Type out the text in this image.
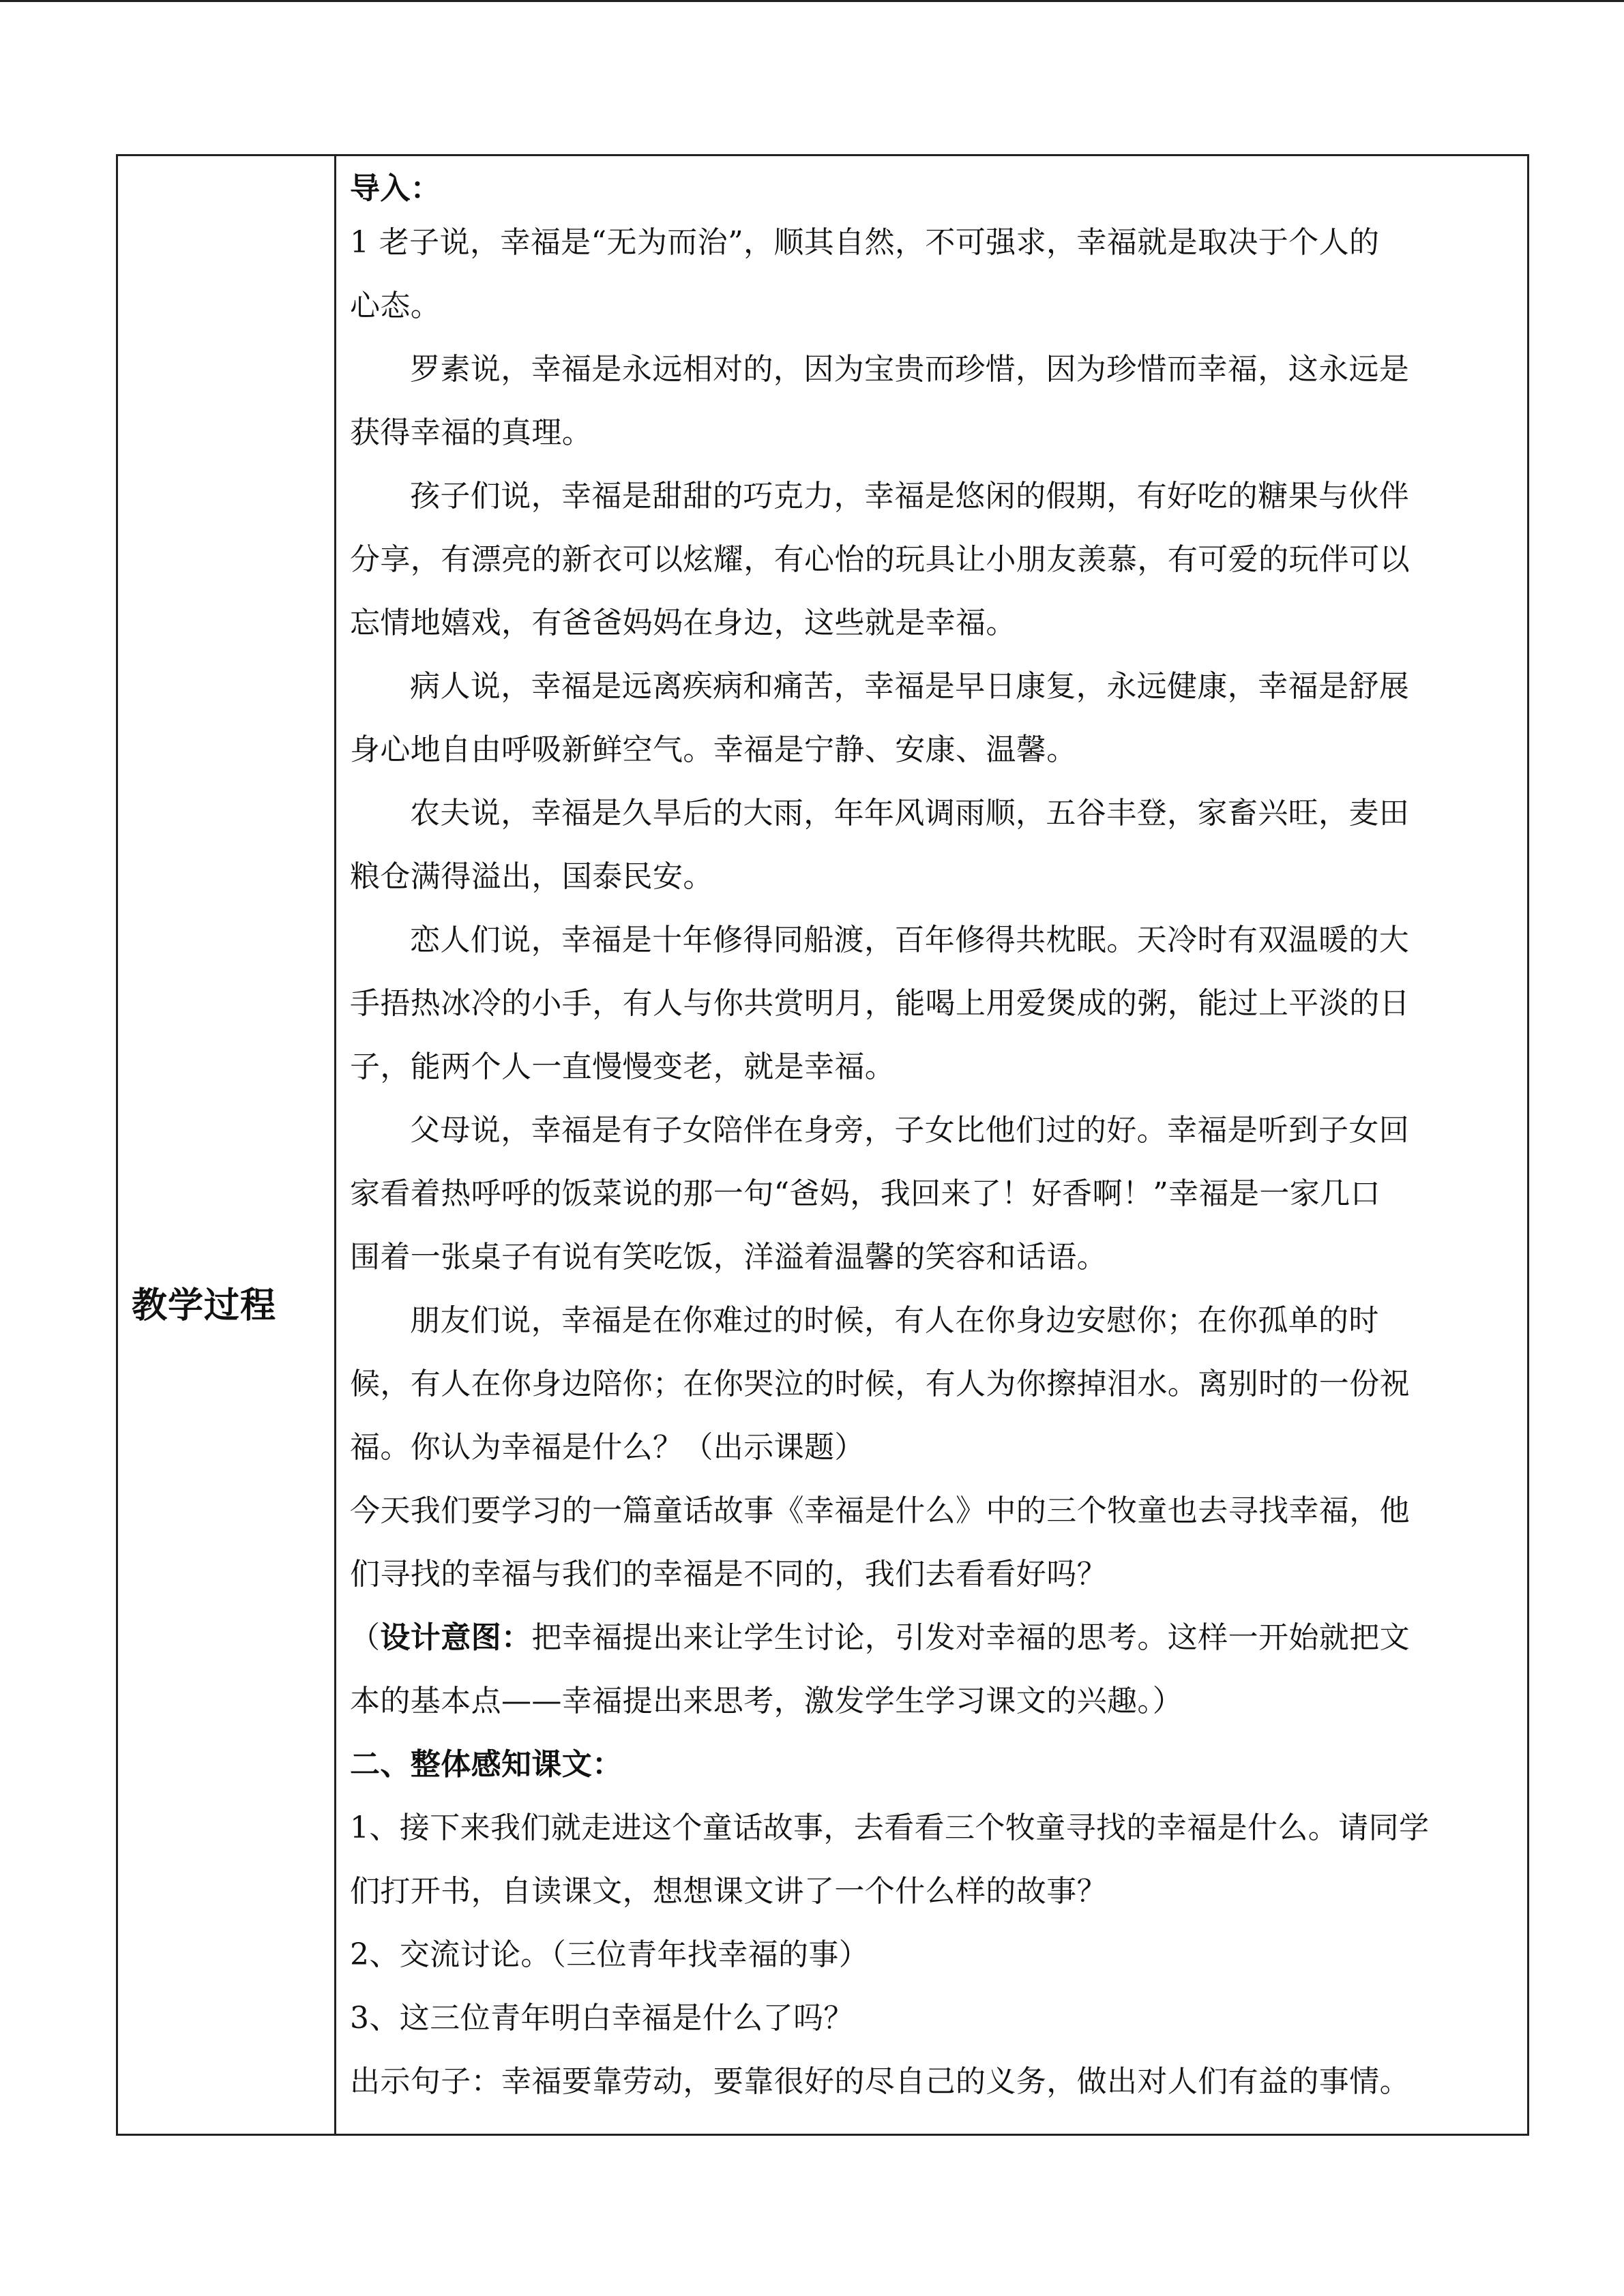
教学过程
导入：
1 老子说，幸福是“无为而治”，顺其自然，不可强求，幸福就是取决于个人的
心态。
罗素说，幸福是永远相对的，因为宝贵而珍惜，因为珍惜而幸福，这永远是
获得幸福的真理。
孩子们说，幸福是甜甜的巧克力，幸福是悠闲的假期，有好吃的糖果与伙伴
分享，有漂亮的新衣可以炫耀，有心怡的玩具让小朋友羡慕，有可爱的玩伴可以
忘情地嬉戏，有爸爸妈妈在身边，这些就是幸福。
病人说，幸福是远离疾病和痛苦，幸福是早日康复，永远健康，幸福是舒展
身心地自由呼吸新鲜空气。幸福是宁静、安康、温馨。
农夫说，幸福是久旱后的大雨，年年风调雨顺，五谷丰登，家畜兴旺，麦田
粮仓满得溢出，国泰民安。
恋人们说，幸福是十年修得同船渡，百年修得共枕眠。天冷时有双温暖的大
手捂热冰冷的小手，有人与你共赏明月，能喝上用爱煲成的粥，能过上平淡的日
子，能两个人一直慢慢变老，就是幸福。
父母说，幸福是有子女陪伴在身旁，子女比他们过的好。幸福是听到子女回
家看着热呼呼的饭菜说的那一句“爸妈，我回来了！好香啊！”幸福是一家几口
围着一张桌子有说有笑吃饭，洋溢着温馨的笑容和话语。
朋友们说，幸福是在你难过的时候，有人在你身边安慰你；在你孤单的时
候，有人在你身边陪你；在你哭泣的时候，有人为你擦掉泪水。离别时的一份祝
福。你认为幸福是什么？（出示课题）
今天我们要学习的一篇童话故事《幸福是什么》中的三个牧童也去寻找幸福，他
们寻找的幸福与我们的幸福是不同的，我们去看看好吗？
（设计意图：把幸福提出来让学生讨论，引发对幸福的思考。这样一开始就把文
本的基本点——幸福提出来思考，激发学生学习课文的兴趣。）
二、整体感知课文：
1、接下来我们就走进这个童话故事，去看看三个牧童寻找的幸福是什么。请同学
们打开书，自读课文，想想课文讲了一个什么样的故事？
2、交流讨论。（三位青年找幸福的事）
3、这三位青年明白幸福是什么了吗？
出示句子：幸福要靠劳动，要靠很好的尽自己的义务，做出对人们有益的事情。
